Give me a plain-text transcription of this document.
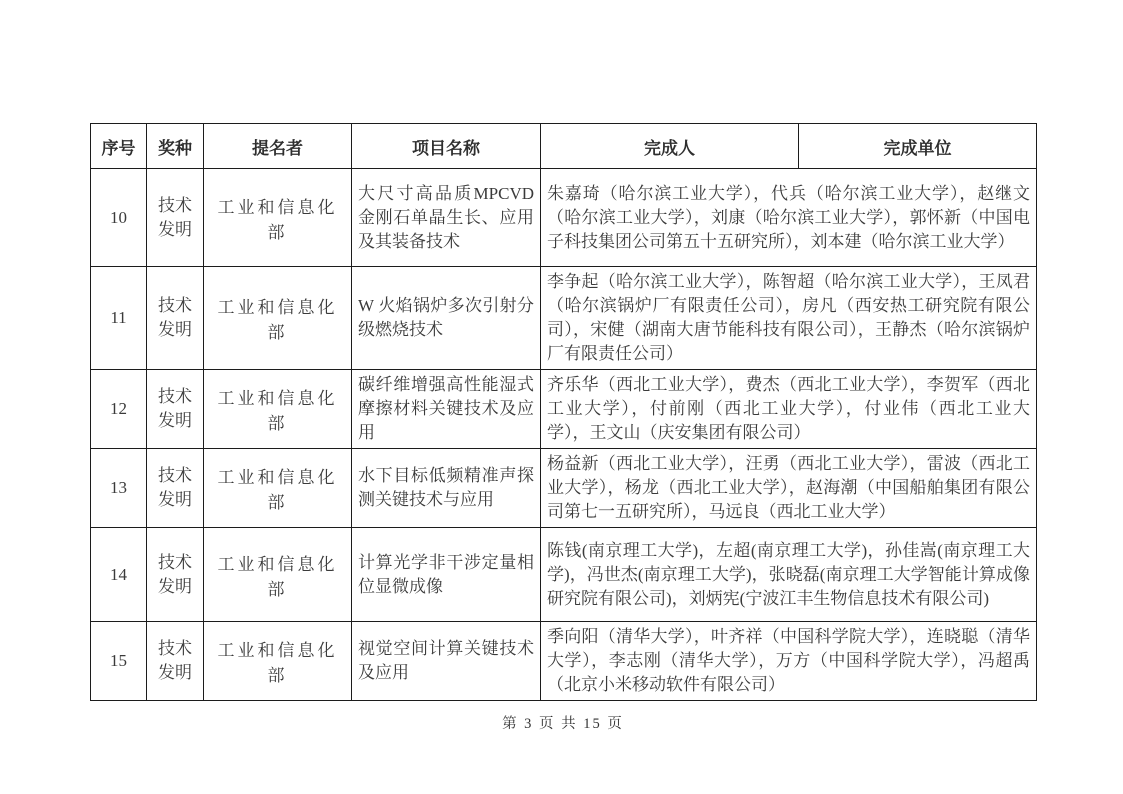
序号	奖种	提名者	项目名称	完成人	完成单位
10	技术发明	工业和信息化部	大尺寸高品质MPCVD 金刚石单晶生长、应用及其装备技术	朱嘉琦（哈尔滨工业大学），代兵（哈尔滨工业大学），赵继文（哈尔滨工业大学），刘康（哈尔滨工业大学），郭怀新（中国电子科技集团公司第五十五研究所），刘本建（哈尔滨工业大学）	
11	技术发明	工业和信息化部	W 火焰锅炉多次引射分级燃烧技术	李争起（哈尔滨工业大学），陈智超（哈尔滨工业大学），王凤君（哈尔滨锅炉厂有限责任公司），房凡（西安热工研究院有限公司），宋健（湖南大唐节能科技有限公司），王静杰（哈尔滨锅炉厂有限责任公司）	
12	技术发明	工业和信息化部	碳纤维增强高性能湿式摩擦材料关键技术及应用	齐乐华（西北工业大学），费杰（西北工业大学），李贺军（西北工业大学），付前刚（西北工业大学），付业伟（西北工业大学），王文山（庆安集团有限公司）	
13	技术发明	工业和信息化部	水下目标低频精准声探测关键技术与应用	杨益新（西北工业大学），汪勇（西北工业大学），雷波（西北工业大学），杨龙（西北工业大学），赵海潮（中国船舶集团有限公司第七一五研究所），马远良（西北工业大学）	
14	技术发明	工业和信息化部	计算光学非干涉定量相位显微成像	陈钱(南京理工大学)，左超(南京理工大学)，孙佳嵩(南京理工大学)，冯世杰(南京理工大学)，张晓磊(南京理工大学智能计算成像研究院有限公司)，刘炳宪(宁波江丰生物信息技术有限公司)	
15	技术发明	工业和信息化部	视觉空间计算关键技术及应用	季向阳（清华大学），叶齐祥（中国科学院大学），连晓聪（清华大学），李志刚（清华大学），万方（中国科学院大学），冯超禹（北京小米移动软件有限公司）	
第 3 页 共 15 页
